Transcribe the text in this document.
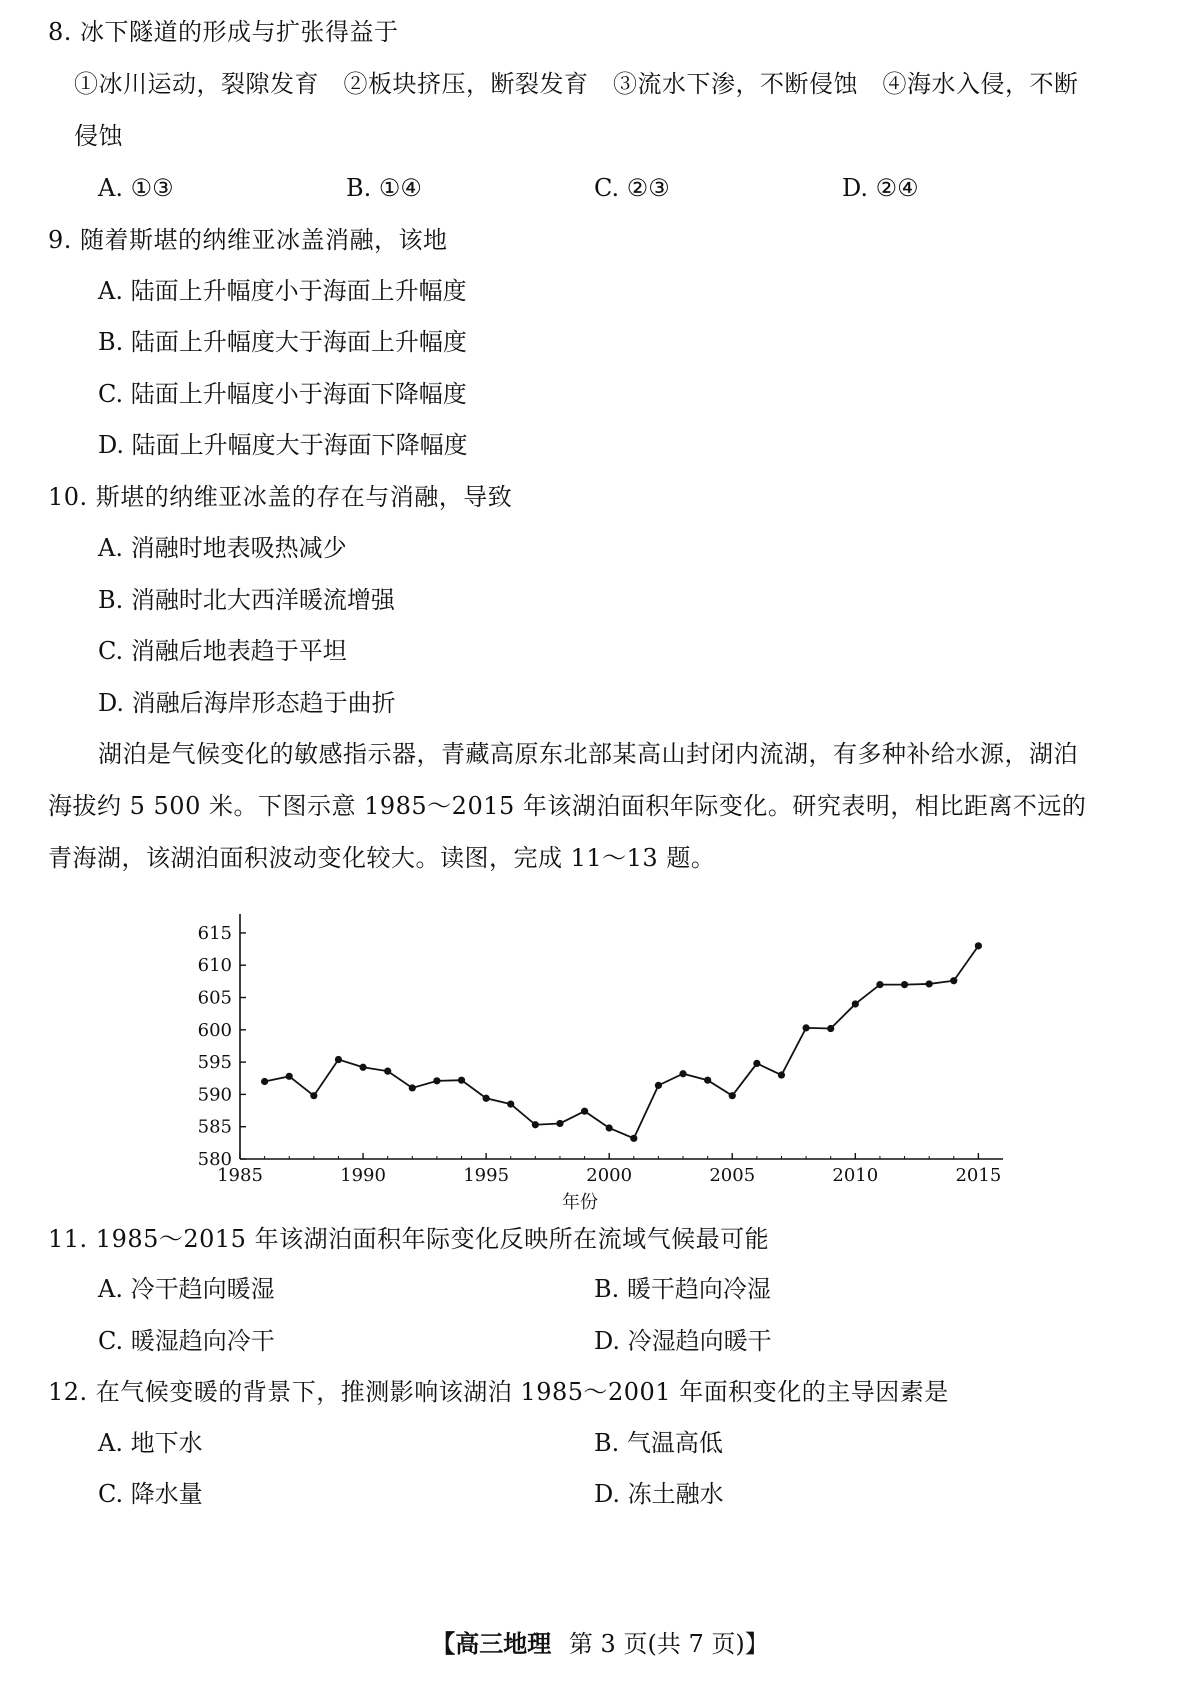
8. 冰下隧道的形成与扩张得益于
①冰川运动，裂隙发育　②板块挤压，断裂发育　③流水下渗，不断侵蚀　④海水入侵，不断
侵蚀
A. ①③	B. ①④	C. ②③	D. ②④
9. 随着斯堪的纳维亚冰盖消融，该地
A. 陆面上升幅度小于海面上升幅度
B. 陆面上升幅度大于海面上升幅度
C. 陆面上升幅度小于海面下降幅度
D. 陆面上升幅度大于海面下降幅度
10. 斯堪的纳维亚冰盖的存在与消融，导致
A. 消融时地表吸热减少
B. 消融时北大西洋暖流增强
C. 消融后地表趋于平坦
D. 消融后海岸形态趋于曲折
湖泊是气候变化的敏感指示器，青藏高原东北部某高山封闭内流湖，有多种补给水源，湖泊
海拔约 5 500 米。下图示意 1985～2015 年该湖泊面积年际变化。研究表明，相比距离不远的
青海湖，该湖泊面积波动变化较大。读图，完成 11～13 题。
1985	1990	1995	2000	2005	2010	2015
580
585
590
595
600
605
610
615
年份
11. 1985～2015 年该湖泊面积年际变化反映所在流域气候最可能
A. 冷干趋向暖湿	B. 暖干趋向冷湿
C. 暖湿趋向冷干	D. 冷湿趋向暖干
12. 在气候变暖的背景下，推测影响该湖泊 1985～2001 年面积变化的主导因素是
A. 地下水	B. 气温高低
C. 降水量	D. 冻土融水
【高三地理 第 3 页(共 7 页)】
